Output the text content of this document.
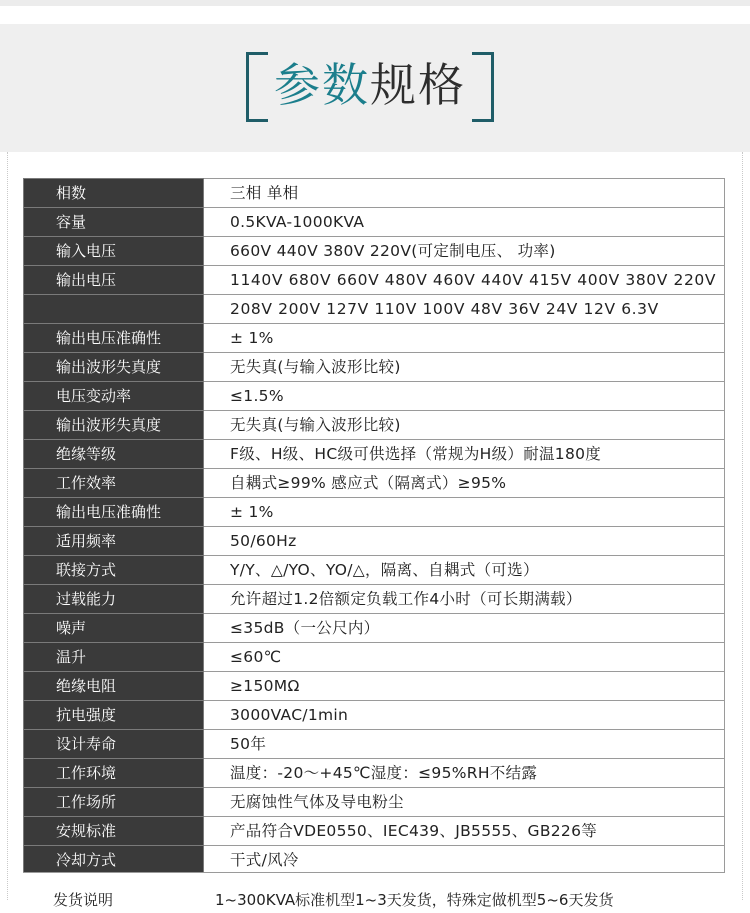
参数规格
相数	三相 单相
容量	0.5KVA-1000KVA
输入电压	660V 440V 380V 220V(可定制电压、 功率)
输出电压	1140V 680V 660V 480V 460V 440V 415V 400V 380V 220V
	208V 200V 127V 110V 100V 48V 36V 24V 12V 6.3V
输出电压准确性	± 1%
输出波形失真度	无失真(与输入波形比较)
电压变动率	≤1.5%
输出波形失真度	无失真(与输入波形比较)
绝缘等级	F级、H级、HC级可供选择（常规为H级）耐温180度
工作效率	自耦式≥99% 感应式（隔离式）≥95%
输出电压准确性	± 1%
适用频率	50/60Hz
联接方式	Y/Y、△/YO、YO/△，隔离、自耦式（可选）
过载能力	允许超过1.2倍额定负载工作4小时（可长期满载）
噪声	≤35dB（一公尺内）
温升	≤60℃
绝缘电阻	≥150MΩ
抗电强度	3000VAC/1min
设计寿命	50年
工作环境	温度：-20～+45℃湿度：≤95%RH不结露
工作场所	无腐蚀性气体及导电粉尘
安规标准	产品符合VDE0550、IEC439、JB5555、GB226等
冷却方式	干式/风冷
发货说明	1~300KVA标准机型1~3天发货，特殊定做机型5~6天发货
